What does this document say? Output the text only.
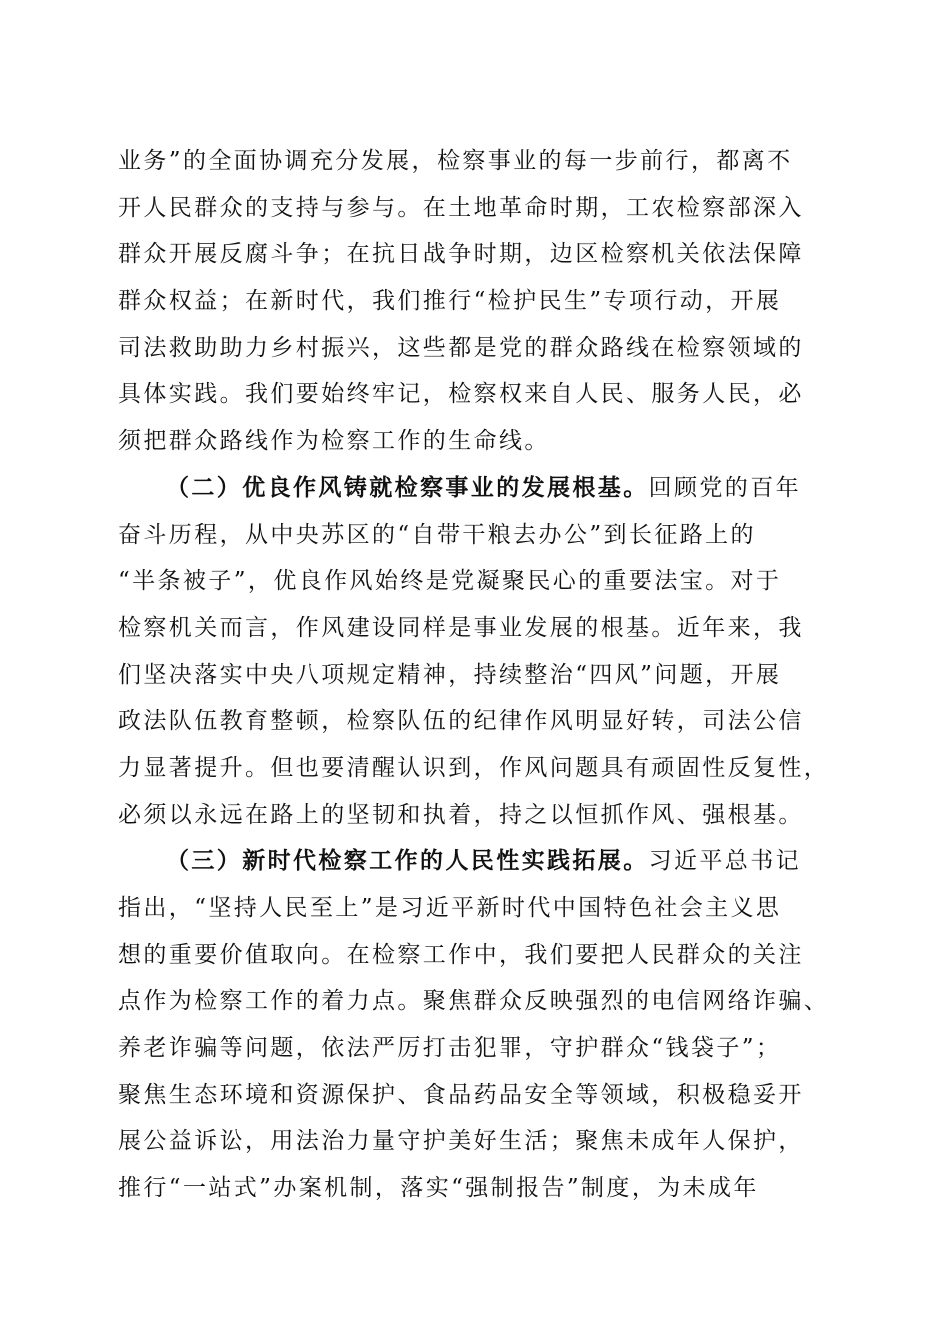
业务”的全面协调充分发展，检察事业的每一步前行，都离不
开人民群众的支持与参与。在土地革命时期，工农检察部深入
群众开展反腐斗争；在抗日战争时期，边区检察机关依法保障
群众权益；在新时代，我们推行“检护民生”专项行动，开展
司法救助助力乡村振兴，这些都是党的群众路线在检察领域的
具体实践。我们要始终牢记，检察权来自人民、服务人民，必
须把群众路线作为检察工作的生命线。
（二）优良作风铸就检察事业的发展根基。回顾党的百年
奋斗历程，从中央苏区的“自带干粮去办公”到长征路上的
“半条被子”，优良作风始终是党凝聚民心的重要法宝。对于
检察机关而言，作风建设同样是事业发展的根基。近年来，我
们坚决落实中央八项规定精神，持续整治“四风”问题，开展
政法队伍教育整顿，检察队伍的纪律作风明显好转，司法公信
力显著提升。但也要清醒认识到，作风问题具有顽固性反复性，
必须以永远在路上的坚韧和执着，持之以恒抓作风、强根基。
（三）新时代检察工作的人民性实践拓展。习近平总书记
指出，“坚持人民至上”是习近平新时代中国特色社会主义思
想的重要价值取向。在检察工作中，我们要把人民群众的关注
点作为检察工作的着力点。聚焦群众反映强烈的电信网络诈骗、
养老诈骗等问题，依法严厉打击犯罪，守护群众“钱袋子”；
聚焦生态环境和资源保护、食品药品安全等领域，积极稳妥开
展公益诉讼，用法治力量守护美好生活；聚焦未成年人保护，
推行“一站式”办案机制，落实“强制报告”制度，为未成年
